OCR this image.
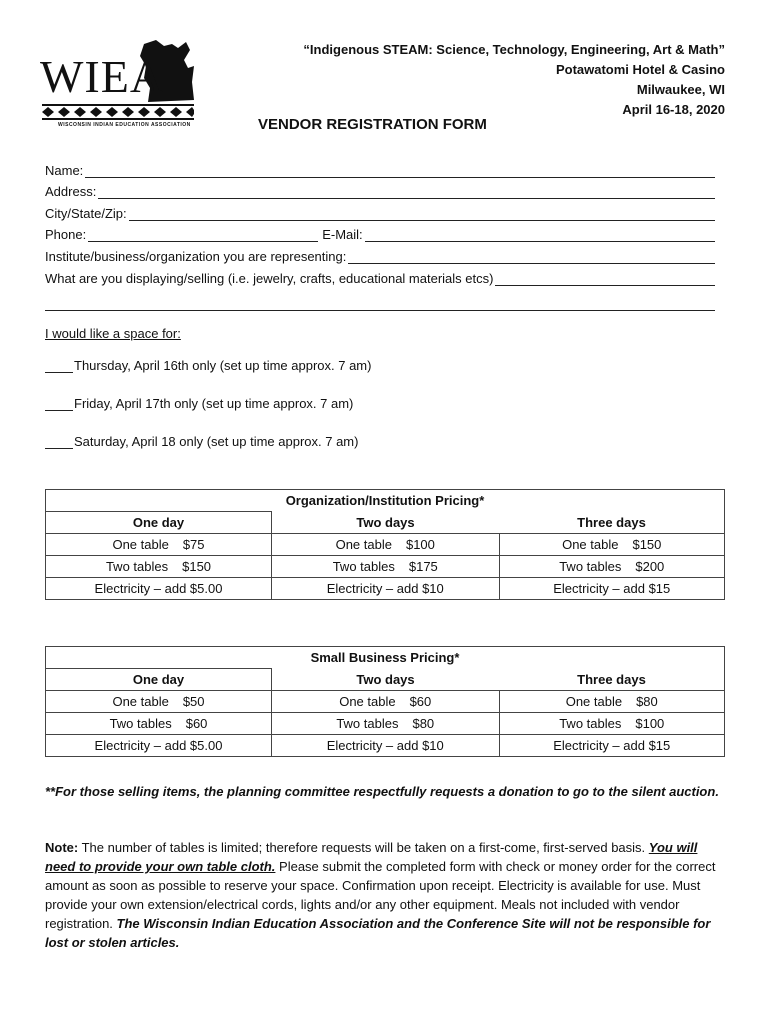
WIEA
WISCONSIN INDIAN EDUCATION ASSOCIATION
“Indigenous STEAM: Science, Technology, Engineering, Art & Math”
Potawatomi Hotel & Casino
Milwaukee, WI
April 16-18, 2020
VENDOR REGISTRATION FORM
Name:
Address:
City/State/Zip:
Phone:	E-Mail:
Institute/business/organization you are representing:
What are you displaying/selling (i.e. jewelry, crafts, educational materials etcs)
I would like a space for:
Thursday, April 16th only (set up time approx. 7 am)
Friday, April 17th only (set up time approx. 7 am)
Saturday, April 18 only (set up time approx. 7 am)
Organization/Institution Pricing*		
One day	Two days	Three days
One table $75	One table $100	One table $150
Two tables $150	Two tables $175	Two tables $200
Electricity – add $5.00	Electricity – add $10	Electricity – add $15
Small Business Pricing*		
One day	Two days	Three days
One table $50	One table $60	One table $80
Two tables $60	Two tables $80	Two tables $100
Electricity – add $5.00	Electricity – add $10	Electricity – add $15
**For those selling items, the planning committee respectfully requests a donation to go to the silent auction.
Note: The number of tables is limited; therefore requests will be taken on a first-come, first-served basis. You will need to provide your own table cloth. Please submit the completed form with check or money order for the correct amount as soon as possible to reserve your space. Confirmation upon receipt. Electricity is available for use. Must provide your own extension/electrical cords, lights and/or any other equipment. Meals not included with vendor registration. The Wisconsin Indian Education Association and the Conference Site will not be responsible for lost or stolen articles.
